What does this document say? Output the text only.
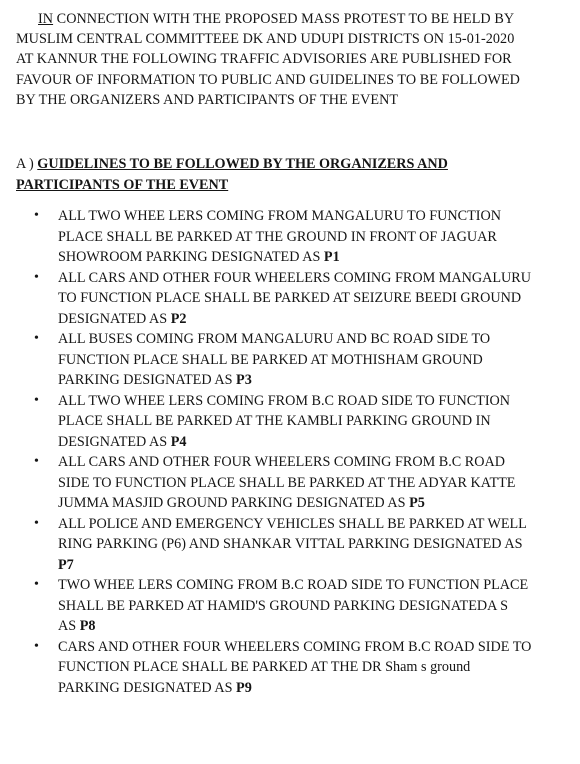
IN CONNECTION WITH THE PROPOSED MASS PROTEST TO BE HELD BY
MUSLIM CENTRAL COMMITTEEE DK AND UDUPI DISTRICTS ON 15-01-2020
AT KANNUR THE FOLLOWING TRAFFIC ADVISORIES ARE PUBLISHED FOR
FAVOUR OF INFORMATION TO PUBLIC AND GUIDELINES TO BE FOLLOWED
BY THE ORGANIZERS AND PARTICIPANTS OF THE EVENT
A ) GUIDELINES TO BE FOLLOWED BY THE ORGANIZERS AND
PARTICIPANTS OF THE EVENT
• ALL TWO WHEE LERS COMING FROM MANGALURU TO FUNCTION
PLACE SHALL BE PARKED AT THE GROUND IN FRONT OF JAGUAR
SHOWROOM PARKING DESIGNATED AS P1
• ALL CARS AND OTHER FOUR WHEELERS COMING FROM MANGALURU
TO FUNCTION PLACE SHALL BE PARKED AT SEIZURE BEEDI GROUND
DESIGNATED AS P2
• ALL BUSES COMING FROM MANGALURU AND BC ROAD SIDE TO
FUNCTION PLACE SHALL BE PARKED AT MOTHISHAM GROUND
PARKING DESIGNATED AS P3
• ALL TWO WHEE LERS COMING FROM B.C ROAD SIDE TO FUNCTION
PLACE SHALL BE PARKED AT THE KAMBLI PARKING GROUND IN
DESIGNATED AS P4
• ALL CARS AND OTHER FOUR WHEELERS COMING FROM B.C ROAD
SIDE TO FUNCTION PLACE SHALL BE PARKED AT THE ADYAR KATTE
JUMMA MASJID GROUND PARKING DESIGNATED AS P5
• ALL POLICE AND EMERGENCY VEHICLES SHALL BE PARKED AT WELL
RING PARKING (P6) AND SHANKAR VITTAL PARKING DESIGNATED AS
P7
• TWO WHEE LERS COMING FROM B.C ROAD SIDE TO FUNCTION PLACE
SHALL BE PARKED AT HAMID'S GROUND PARKING DESIGNATEDA S
AS P8
• CARS AND OTHER FOUR WHEELERS COMING FROM B.C ROAD SIDE TO
FUNCTION PLACE SHALL BE PARKED AT THE DR Sham s ground
PARKING DESIGNATED AS P9
